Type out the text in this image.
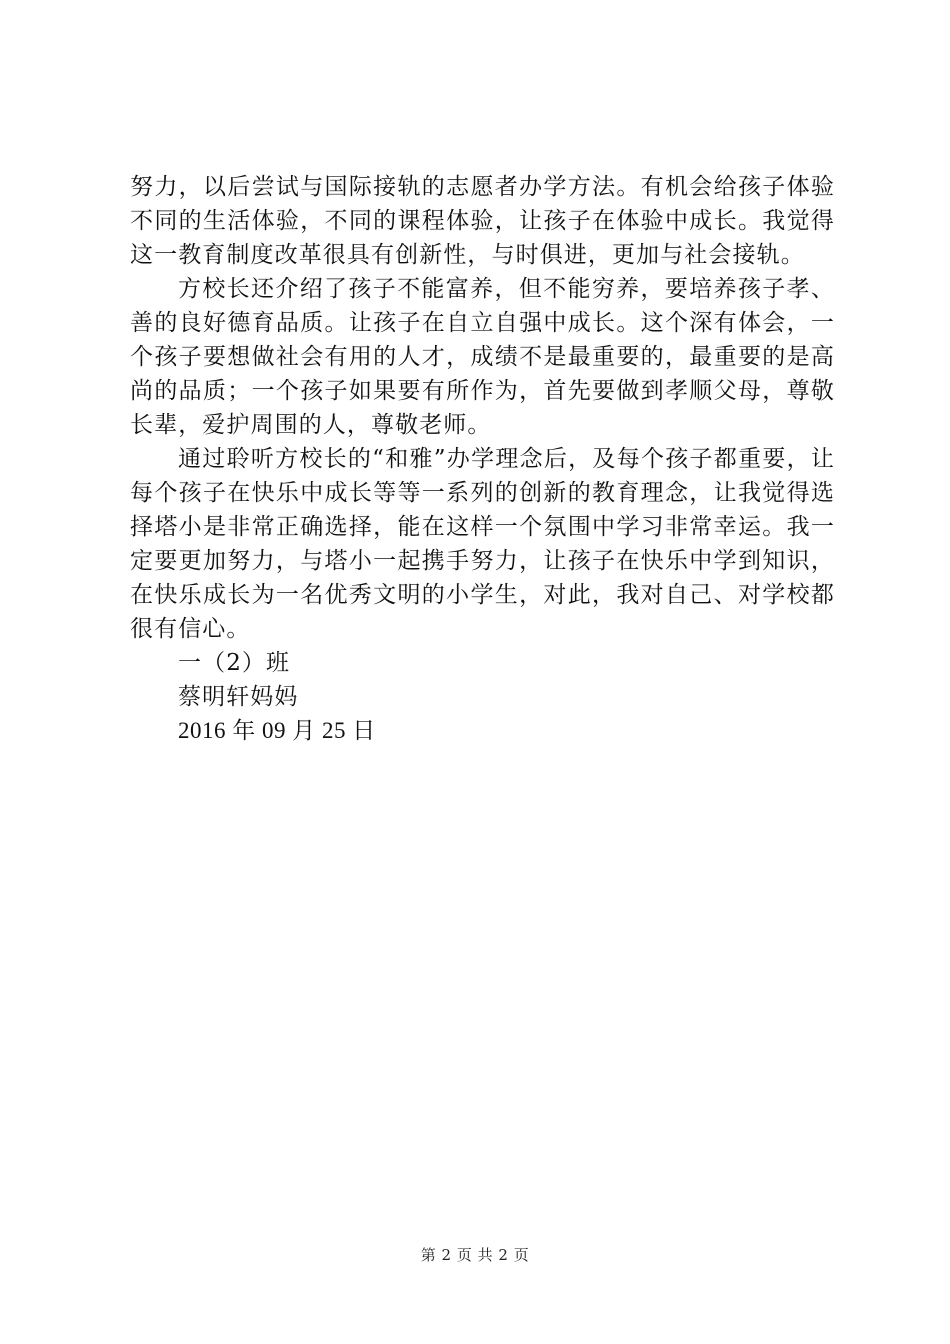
努力，以后尝试与国际接轨的志愿者办学方法。有机会给孩子体验不同的生活体验，不同的课程体验，让孩子在体验中成长。我觉得这一教育制度改革很具有创新性，与时俱进，更加与社会接轨。

方校长还介绍了孩子不能富养，但不能穷养，要培养孩子孝、善的良好德育品质。让孩子在自立自强中成长。这个深有体会，一个孩子要想做社会有用的人才，成绩不是最重要的，最重要的是高尚的品质；一个孩子如果要有所作为，首先要做到孝顺父母，尊敬长辈，爱护周围的人，尊敬老师。

通过聆听方校长的“和雅”办学理念后，及每个孩子都重要，让每个孩子在快乐中成长等等一系列的创新的教育理念，让我觉得选择塔小是非常正确选择，能在这样一个氛围中学习非常幸运。我一定要更加努力，与塔小一起携手努力，让孩子在快乐中学到知识，在快乐成长为一名优秀文明的小学生，对此，我对自己、对学校都很有信心。

一（2）班

蔡明轩妈妈

2016 年 09 月 25 日

第 2 页 共 2 页
